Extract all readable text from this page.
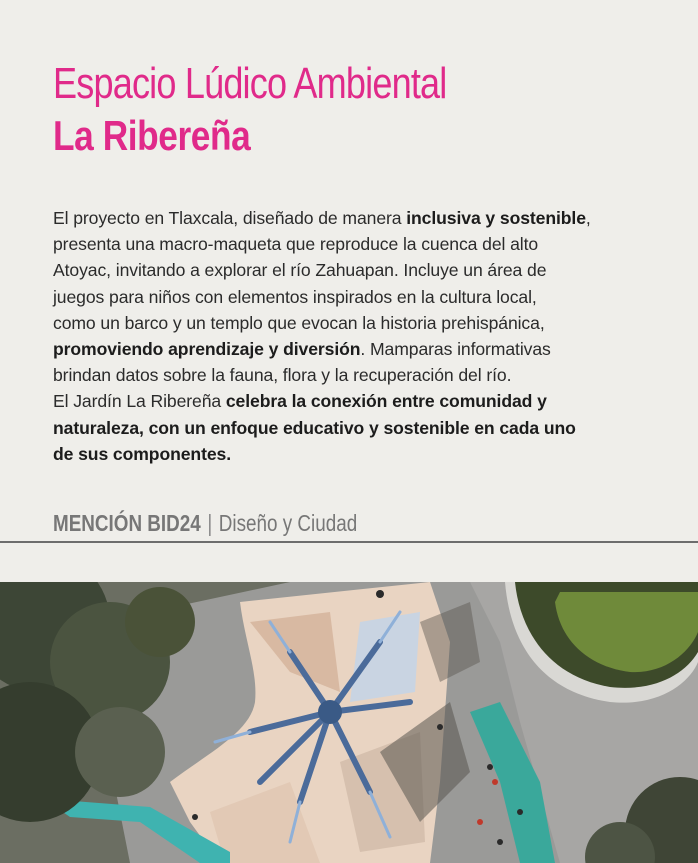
Espacio Lúdico Ambiental
La Ribereña
El proyecto en Tlaxcala, diseñado de manera inclusiva y sostenible,
presenta una macro-maqueta que reproduce la cuenca del alto
Atoyac, invitando a explorar el río Zahuapan. Incluye un área de
juegos para niños con elementos inspirados en la cultura local,
como un barco y un templo que evocan la historia prehispánica,
promoviendo aprendizaje y diversión. Mamparas informativas
brindan datos sobre la fauna, flora y la recuperación del río.
El Jardín La Ribereña celebra la conexión entre comunidad y
naturaleza, con un enfoque educativo y sostenible en cada uno
de sus componentes.
MENCIÓN BID24 | Diseño y Ciudad
